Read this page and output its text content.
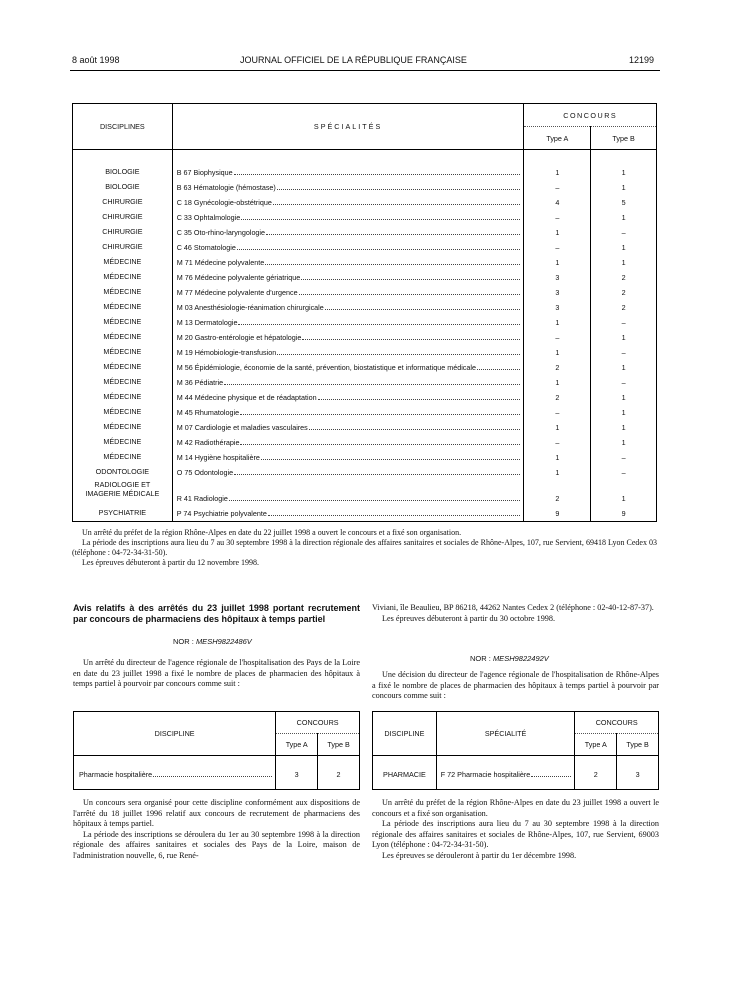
8 août 1998	JOURNAL OFFICIEL DE LA RÉPUBLIQUE FRANÇAISE	12199
DISCIPLINES	SPÉCIALITÉS	CONCOURS	
		Type A	Type B

BIOLOGIE	B 67 Biophysique	1	1
BIOLOGIE	B 63 Hématologie (hémostase)	–	1
CHIRURGIE	C 18 Gynécologie-obstétrique	4	5
CHIRURGIE	C 33 Ophtalmologie	–	1
CHIRURGIE	C 35 Oto-rhino-laryngologie	1	–
CHIRURGIE	C 46 Stomatologie	–	1
MÉDECINE	M 71 Médecine polyvalente	1	1
MÉDECINE	M 76 Médecine polyvalente gériatrique	3	2
MÉDECINE	M 77 Médecine polyvalente d'urgence	3	2
MÉDECINE	M 03 Anesthésiologie-réanimation chirurgicale	3	2
MÉDECINE	M 13 Dermatologie	1	–
MÉDECINE	M 20 Gastro-entérologie et hépatologie	–	1
MÉDECINE	M 19 Hémobiologie-transfusion	1	–
MÉDECINE	M 56 Épidémiologie, économie de la santé, prévention, biostatistique et informatique médicale	2	1
MÉDECINE	M 36 Pédiatrie	1	–
MÉDECINE	M 44 Médecine physique et de réadaptation	2	1
MÉDECINE	M 45 Rhumatologie	–	1
MÉDECINE	M 07 Cardiologie et maladies vasculaires	1	1
MÉDECINE	M 42 Radiothérapie	–	1
MÉDECINE	M 14 Hygiène hospitalière	1	–
ODONTOLOGIE	O 75 Odontologie	1	–
RADIOLOGIE ET IMAGERIE MÉDICALE	R 41 Radiologie	2	1
PSYCHIATRIE	P 74 Psychiatrie polyvalente	9	9

Un arrêté du préfet de la région Rhône-Alpes en date du 22 juillet 1998 a ouvert le concours et a fixé son organisation.

La période des inscriptions aura lieu du 7 au 30 septembre 1998 à la direction régionale des affaires sanitaires et sociales de Rhône-Alpes, 107, rue Servient, 69418 Lyon Cedex 03 (téléphone : 04-72-34-31-50).

Les épreuves débuteront à partir du 12 novembre 1998.

Avis relatifs à des arrêtés du 23 juillet 1998 portant recrutement par concours de pharmaciens des hôpitaux à temps partiel
NOR : MESH9822486V

Un arrêté du directeur de l'agence régionale de l'hospitalisation des Pays de la Loire en date du 23 juillet 1998 a fixé le nombre de places de pharmacien des hôpitaux à temps partiel à pourvoir par concours comme suit :

DISCIPLINE	CONCOURS	
	Type A	Type B

Pharmacie hospitalière	3	2

Un concours sera organisé pour cette discipline conformément aux dispositions de l'arrêté du 18 juillet 1996 relatif aux concours de recrutement de pharmaciens des hôpitaux à temps partiel.

La période des inscriptions se déroulera du 1er au 30 septembre 1998 à la direction régionale des affaires sanitaires et sociales des Pays de la Loire, maison de l'administration nouvelle, 6, rue René-

Viviani, île Beaulieu, BP 86218, 44262 Nantes Cedex 2 (téléphone : 02-40-12-87-37).

Les épreuves débuteront à partir du 30 octobre 1998.

NOR : MESH9822492V

Une décision du directeur de l'agence régionale de l'hospitalisation de Rhône-Alpes a fixé le nombre de places de pharmacien des hôpitaux à temps partiel à pourvoir par concours comme suit :

DISCIPLINE	SPÉCIALITÉ	CONCOURS	
		Type A	Type B

PHARMACIE	F 72 Pharmacie hospitalière	2	3

Un arrêté du préfet de la région Rhône-Alpes en date du 23 juillet 1998 a ouvert le concours et a fixé son organisation.

La période des inscriptions aura lieu du 7 au 30 septembre 1998 à la direction régionale des affaires sanitaires et sociales de Rhône-Alpes, 107, rue Servient, 69003 Lyon (téléphone : 04-72-34-31-50).

Les épreuves se dérouleront à partir du 1er décembre 1998.
